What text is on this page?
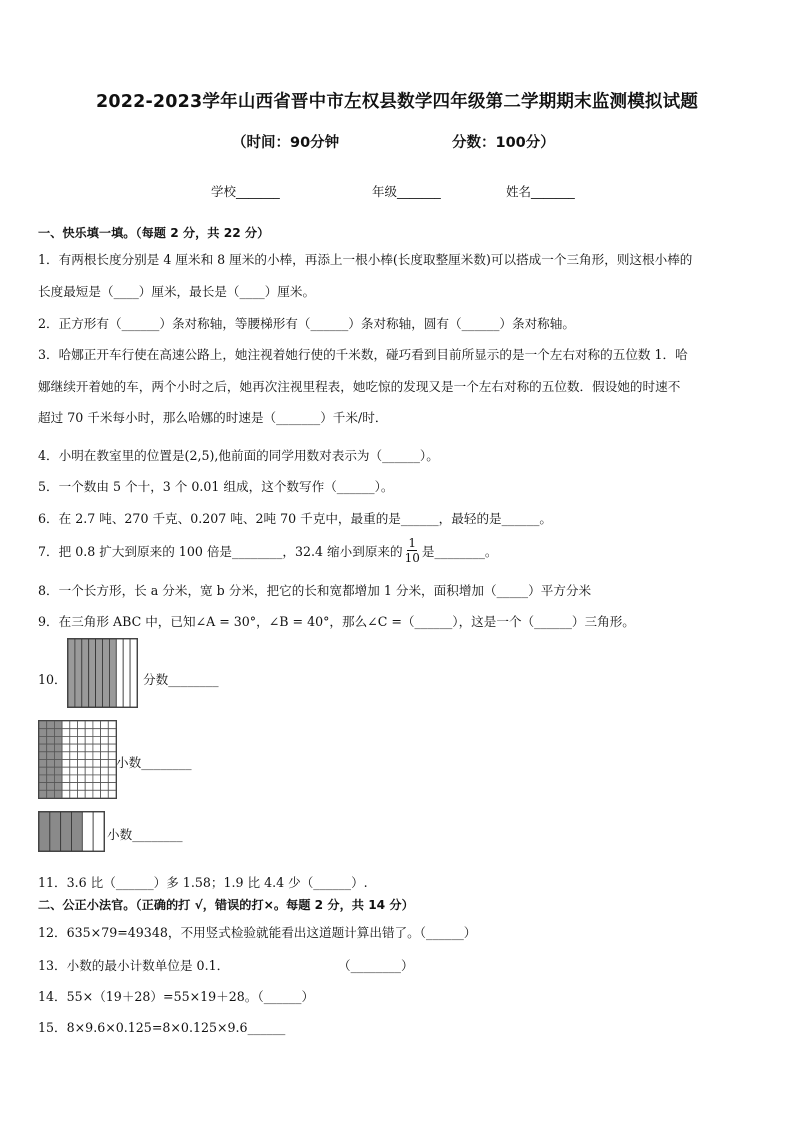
2022-2023学年山西省晋中市左权县数学四年级第二学期期末监测模拟试题
（时间：90分钟	分数：100分）
学校_______	年级_______	姓名_______
一、快乐填一填。（每题 2 分，共 22 分）
1．有两根长度分别是 4 厘米和 8 厘米的小棒，再添上一根小棒(长度取整厘米数)可以搭成一个三角形，则这根小棒的
长度最短是（____）厘米，最长是（____）厘米。
2．正方形有（______）条对称轴，等腰梯形有（______）条对称轴，圆有（______）条对称轴。
3．哈娜正开车行使在高速公路上，她注视着她行使的千米数，碰巧看到目前所显示的是一个左右对称的五位数 1．哈
娜继续开着她的车，两个小时之后，她再次注视里程表，她吃惊的发现又是一个左右对称的五位数．假设她的时速不
超过 70 千米每小时，那么哈娜的时速是（_______）千米/时．
4．小明在教室里的位置是(2,5),他前面的同学用数对表示为（______）。
5．一个数由 5 个十，3 个 0.01 组成，这个数写作（______）。
6．在 2.7 吨、270 千克、0.207 吨、2吨 70 千克中，最重的是______，最轻的是______。
7．把 0.8 扩大到原来的 100 倍是________，32.4 缩小到原来的 $\frac{1}{10}$ 是________。
8．一个长方形，长 a 分米，宽 b 分米，把它的长和宽都增加 1 分米，面积增加（_____）平方分米
9．在三角形 ABC 中，已知∠A = 30°，∠B = 40°，那么∠C =（______），这是一个（______）三角形。
10．	分数________
小数________
小数________
11．3.6 比（______）多 1.58；1.9 比 4.4 少（______）.
二、公正小法官。（正确的打 √，错误的打×。每题 2 分，共 14 分）
12．635×79=49348，不用竖式检验就能看出这道题计算出错了。（______）
13．小数的最小计数单位是 0.1．	（________）
14．55×（19＋28）=55×19＋28。（______）
15．8×9.6×0.125=8×0.125×9.6______
